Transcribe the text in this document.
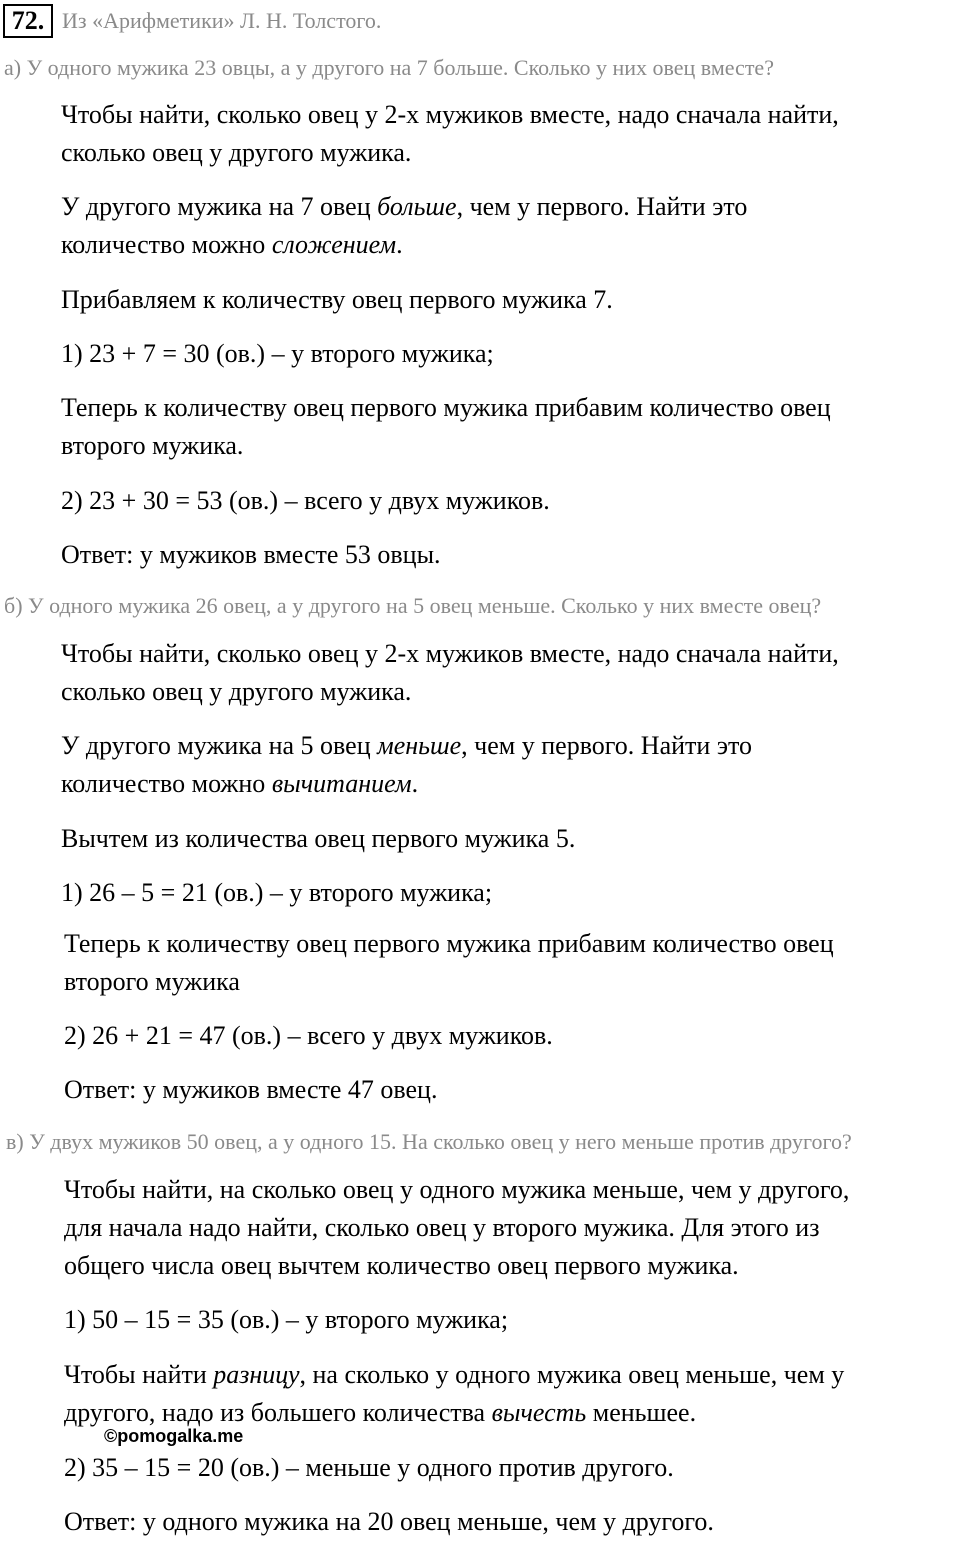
72. Из «Арифметики» Л. Н. Толстого.
а) У одного мужика 23 овцы, а у другого на 7 больше. Сколько у них овец вместе?
Чтобы найти, сколько овец у 2-х мужиков вместе, надо сначала найти,
сколько овец у другого мужика.
У другого мужика на 7 овец больше, чем у первого. Найти это
количество можно сложением.
Прибавляем к количеству овец первого мужика 7.
1) 23 + 7 = 30 (ов.) – у второго мужика;
Теперь к количеству овец первого мужика прибавим количество овец
второго мужика.
2) 23 + 30 = 53 (ов.) – всего у двух мужиков.
Ответ: у мужиков вместе 53 овцы.
б) У одного мужика 26 овец, а у другого на 5 овец меньше. Сколько у них вместе овец?
Чтобы найти, сколько овец у 2-х мужиков вместе, надо сначала найти,
сколько овец у другого мужика.
У другого мужика на 5 овец меньше, чем у первого. Найти это
количество можно вычитанием.
Вычтем из количества овец первого мужика 5.
1) 26 – 5 = 21 (ов.) – у второго мужика;
Теперь к количеству овец первого мужика прибавим количество овец
второго мужика
2) 26 + 21 = 47 (ов.) – всего у двух мужиков.
Ответ: у мужиков вместе 47 овец.
в) У двух мужиков 50 овец, а у одного 15. На сколько овец у него меньше против другого?
Чтобы найти, на сколько овец у одного мужика меньше, чем у другого,
для начала надо найти, сколько овец у второго мужика. Для этого из
общего числа овец вычтем количество овец первого мужика.
1) 50 – 15 = 35 (ов.) – у второго мужика;
Чтобы найти разницу, на сколько у одного мужика овец меньше, чем у
другого, надо из большего количества вычесть меньшее.
©pomogalka.me
2) 35 – 15 = 20 (ов.) – меньше у одного против другого.
Ответ: у одного мужика на 20 овец меньше, чем у другого.
